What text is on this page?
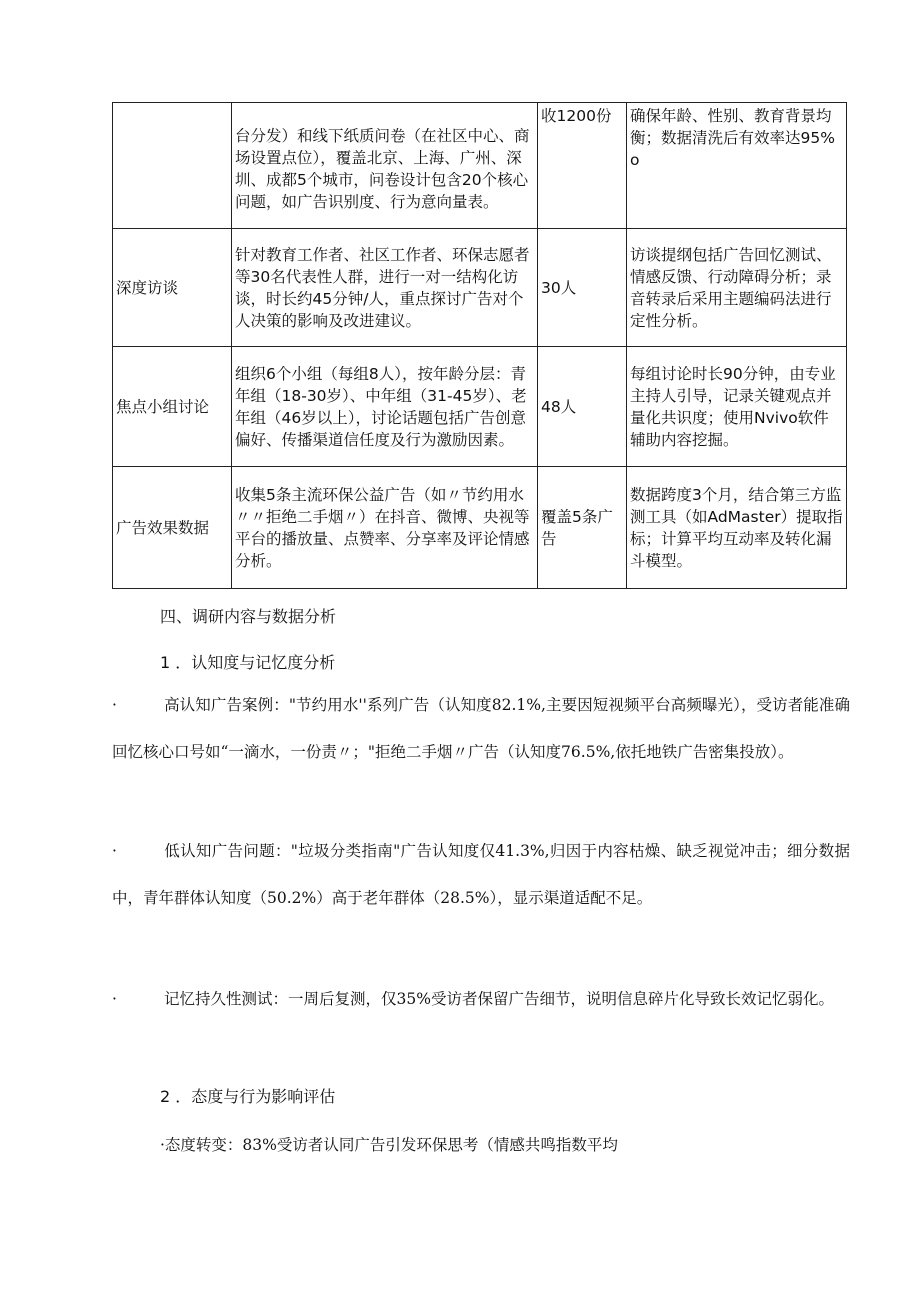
	台分发）和线下纸质问卷（在社区中心、商场设置点位），覆盖北京、上海、广州、深圳、成都5个城市，问卷设计包含20个核心问题，如广告识别度、行为意向量表。	收1200份	确保年龄、性别、教育背景均衡；数据清洗后有效率达95%o

深度访谈	针对教育工作者、社区工作者、环保志愿者等30名代表性人群，进行一对一结构化访谈，时长约45分钟/人，重点探讨广告对个人决策的影响及改进建议。	30人	访谈提纲包括广告回忆测试、情感反馈、行动障碍分析；录音转录后采用主题编码法进行定性分析。

焦点小组讨论	组织6个小组（每组8人），按年龄分层：青年组（18-30岁）、中年组（31-45岁）、老年组（46岁以上），讨论话题包括广告创意偏好、传播渠道信任度及行为激励因素。	48人	每组讨论时长90分钟，由专业主持人引导，记录关键观点并量化共识度；使用Nvivo软件辅助内容挖掘。

广告效果数据	收集5条主流环保公益广告（如〃节约用水〃〃拒绝二手烟〃）在抖音、微博、央视等平台的播放量、点赞率、分享率及评论情感分析。	覆盖5条广告	数据跨度3个月，结合第三方监测工具（如AdMaster）提取指标；计算平均互动率及转化漏斗模型。
四、调研内容与数据分析
1 ．认知度与记忆度分析
·	高认知广告案例："节约用水''系列广告（认知度82.1%,主要因短视频平台高频曝光），受访者能准确回忆核心口号如“一滴水，一份责〃；"拒绝二手烟〃广告（认知度76.5%,依托地铁广告密集投放）。
·	低认知广告问题："垃圾分类指南"广告认知度仅41.3%,归因于内容枯燥、缺乏视觉冲击；细分数据中，青年群体认知度（50.2%）高于老年群体（28.5%），显示渠道适配不足。
·	记忆持久性测试：一周后复测，仅35%受访者保留广告细节，说明信息碎片化导致长效记忆弱化。
2 ．态度与行为影响评估
·态度转变：83%受访者认同广告引发环保思考（情感共鸣指数平均
